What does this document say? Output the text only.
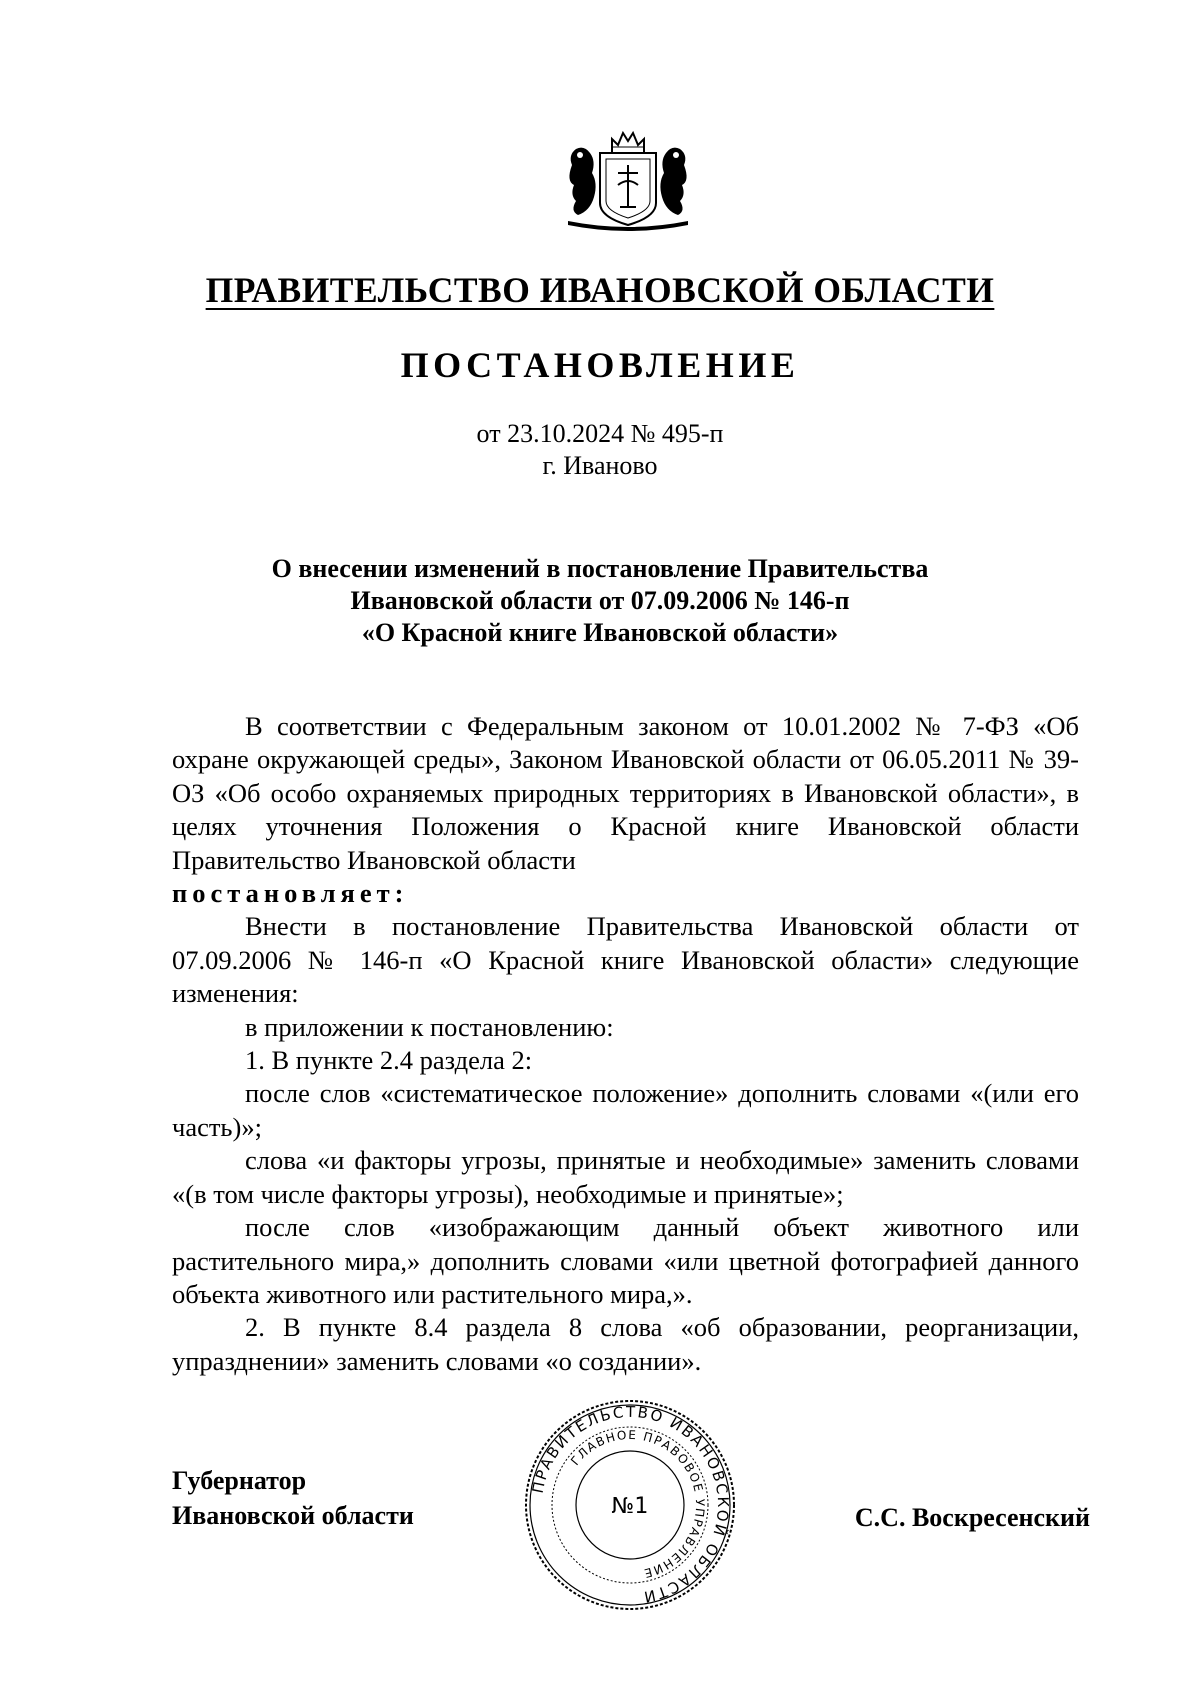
ПРАВИТЕЛЬСТВО ИВАНОВСКОЙ ОБЛАСТИ
ПОСТАНОВЛЕНИЕ
от 23.10.2024 № 495-п
г. Иваново
О внесении изменений в постановление Правительства
Ивановской области от 07.09.2006 № 146-п
«О Красной книге Ивановской области»

В соответствии с Федеральным законом от 10.01.2002 № 7-ФЗ «Об охране окружающей среды», Законом Ивановской области от 06.05.2011 № 39-ОЗ «Об особо охраняемых природных территориях в Ивановской области», в целях уточнения Положения о Красной книге Ивановской области Правительство Ивановской области

постановляет:

Внести в постановление Правительства Ивановской области от 07.09.2006 № 146-п «О Красной книге Ивановской области» следующие изменения:

в приложении к постановлению:

1. В пункте 2.4 раздела 2:

после слов «систематическое положение» дополнить словами «(или его часть)»;

слова «и факторы угрозы, принятые и необходимые» заменить словами «(в том числе факторы угрозы), необходимые и принятые»;

после слов «изображающим данный объект животного или растительного мира,» дополнить словами «или цветной фотографией данного объекта животного или растительного мира,».

2. В пункте 8.4 раздела 8 слова «об образовании, реорганизации, упразднении» заменить словами «о создании».

Губернатор
Ивановской области
ПРАВИТЕЛЬСТВО ИВАНОВСКОЙ ОБЛАСТИ
ГЛАВНОЕ ПРАВОВОЕ УПРАВЛЕНИЕ
№1	С.С. Воскресенский
